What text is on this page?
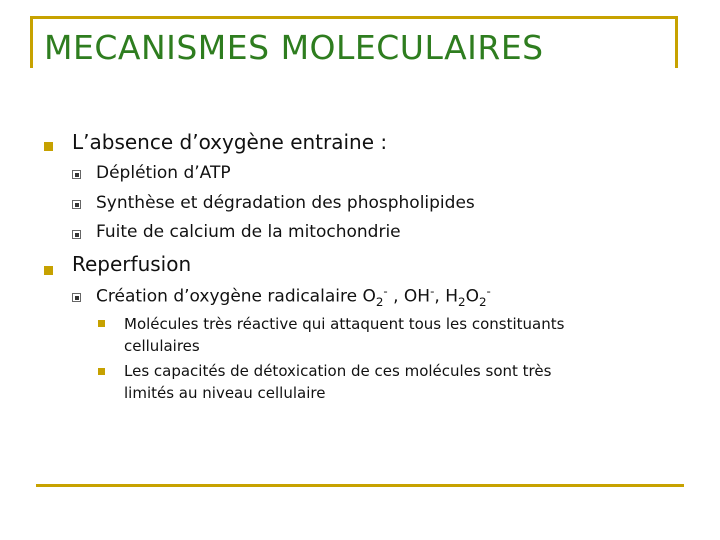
MECANISMES MOLECULAIRES
L’absence d’oxygène entraine :
Déplétion d’ATP
Synthèse et dégradation des phospholipides
Fuite de calcium de la mitochondrie
Reperfusion
Création d’oxygène radicalaire $O_2^-$ , OH-, $H_2O_2^-$
Molécules très réactive qui attaquent tous les constituants
cellulaires
Les capacités de détoxication de ces molécules sont très
limités au niveau cellulaire
